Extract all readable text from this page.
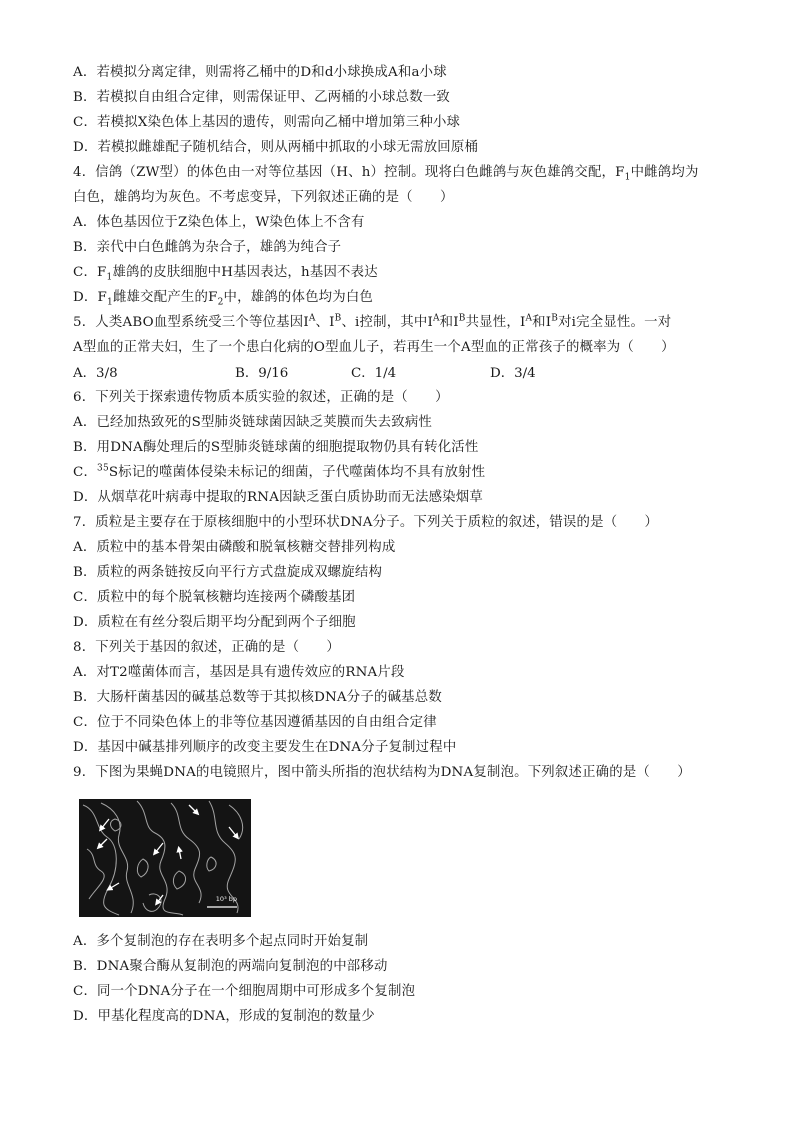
A．若模拟分离定律，则需将乙桶中的D和d小球换成A和a小球
B．若模拟自由组合定律，则需保证甲、乙两桶的小球总数一致
C．若模拟X染色体上基因的遗传，则需向乙桶中增加第三种小球
D．若模拟雌雄配子随机结合，则从两桶中抓取的小球无需放回原桶
4．信鸽（ZW型）的体色由一对等位基因（H、h）控制。现将白色雌鸽与灰色雄鸽交配，$F_1$中雌鸽均为
白色，雄鸽均为灰色。不考虑变异，下列叙述正确的是（　　）
A．体色基因位于Z染色体上，W染色体上不含有
B．亲代中白色雌鸽为杂合子，雄鸽为纯合子
C．$F_1$雄鸽的皮肤细胞中H基因表达，h基因不表达
D．$F_1$雌雄交配产生的$F_2$中，雄鸽的体色均为白色
5．人类ABO血型系统受三个等位基因$I^A$、$I^B$、i控制，其中$I^A$和$I^B$共显性，$I^A$和$I^B$对i完全显性。一对
A型血的正常夫妇，生了一个患白化病的O型血儿子，若再生一个A型血的正常孩子的概率为（　　）
A．3/8	B．9/16	C．1/4	D．3/4
6．下列关于探索遗传物质本质实验的叙述，正确的是（　　）
A．已经加热致死的S型肺炎链球菌因缺乏荚膜而失去致病性
B．用DNA酶处理后的S型肺炎链球菌的细胞提取物仍具有转化活性
C．$^{35}$S标记的噬菌体侵染未标记的细菌，子代噬菌体均不具有放射性
D．从烟草花叶病毒中提取的RNA因缺乏蛋白质协助而无法感染烟草
7．质粒是主要存在于原核细胞中的小型环状DNA分子。下列关于质粒的叙述，错误的是（　　）
A．质粒中的基本骨架由磷酸和脱氧核糖交替排列构成
B．质粒的两条链按反向平行方式盘旋成双螺旋结构
C．质粒中的每个脱氧核糖均连接两个磷酸基团
D．质粒在有丝分裂后期平均分配到两个子细胞
8．下列关于基因的叙述，正确的是（　　）
A．对T2噬菌体而言，基因是具有遗传效应的RNA片段
B．大肠杆菌基因的碱基总数等于其拟核DNA分子的碱基总数
C．位于不同染色体上的非等位基因遵循基因的自由组合定律
D．基因中碱基排列顺序的改变主要发生在DNA分子复制过程中
9．下图为果蝇DNA的电镜照片，图中箭头所指的泡状结构为DNA复制泡。下列叙述正确的是（　　）
10³ bp
A．多个复制泡的存在表明多个起点同时开始复制
B．DNA聚合酶从复制泡的两端向复制泡的中部移动
C．同一个DNA分子在一个细胞周期中可形成多个复制泡
D．甲基化程度高的DNA，形成的复制泡的数量少
